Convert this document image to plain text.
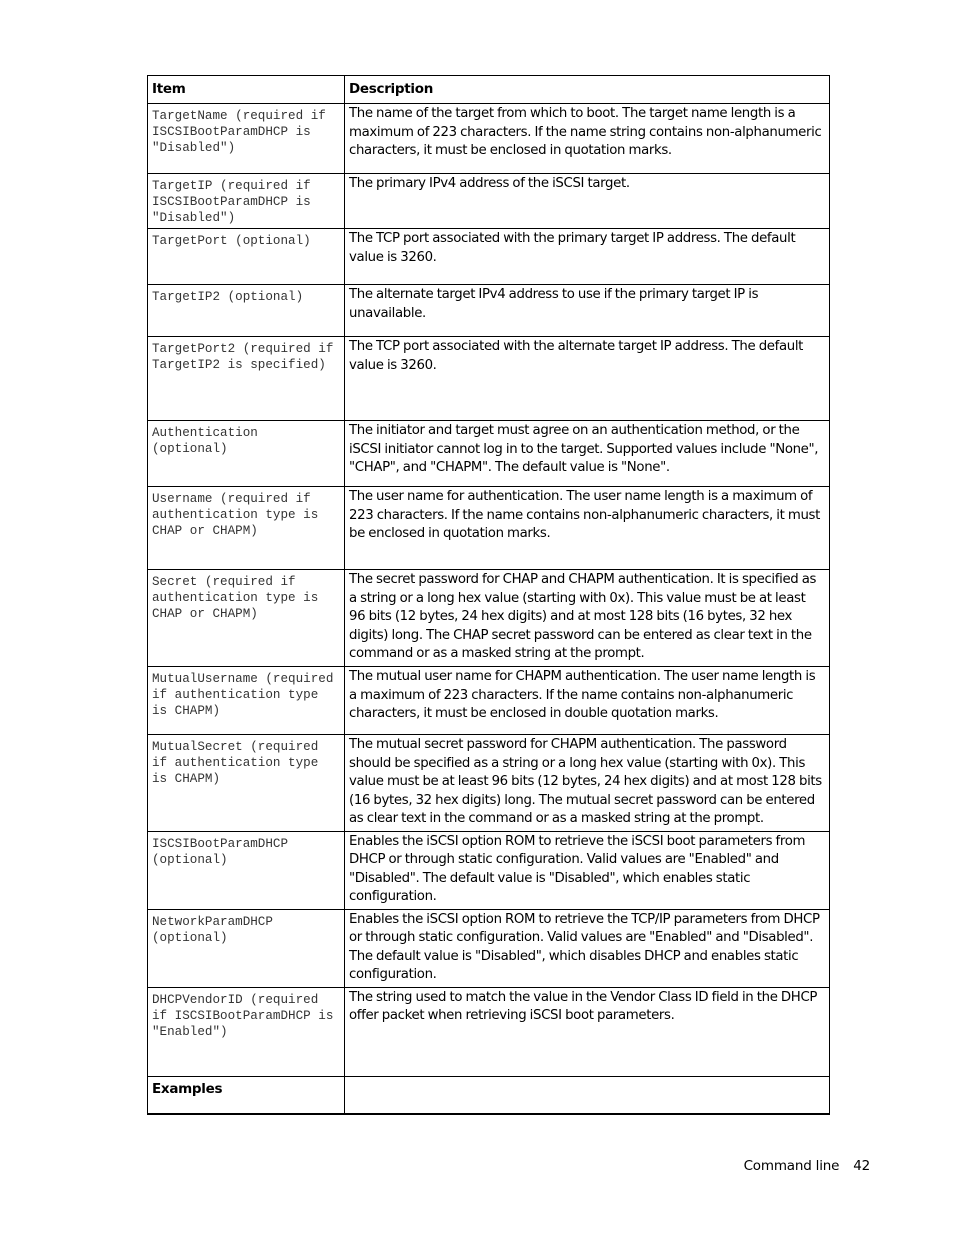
Item	Description
TargetName (required if ISCSIBootParamDHCP is "Disabled")	The name of the target from which to boot. The target name length is a maximum of 223 characters. If the name string contains non-alphanumeric characters, it must be enclosed in quotation marks.
TargetIP (required if ISCSIBootParamDHCP is "Disabled")	The primary IPv4 address of the iSCSI target.
TargetPort (optional)	The TCP port associated with the primary target IP address. The default value is 3260.
TargetIP2 (optional)	The alternate target IPv4 address to use if the primary target IP is unavailable.
TargetPort2 (required if TargetIP2 is specified)	The TCP port associated with the alternate target IP address. The default value is 3260.
Authentication (optional)	The initiator and target must agree on an authentication method, or the iSCSI initiator cannot log in to the target. Supported values include "None", "CHAP", and "CHAPM". The default value is "None".
Username (required if authentication type is CHAP or CHAPM)	The user name for authentication. The user name length is a maximum of 223 characters. If the name contains non-alphanumeric characters, it must be enclosed in quotation marks.
Secret (required if authentication type is CHAP or CHAPM)	The secret password for CHAP and CHAPM authentication. It is specified as a string or a long hex value (starting with 0x). This value must be at least 96 bits (12 bytes, 24 hex digits) and at most 128 bits (16 bytes, 32 hex digits) long. The CHAP secret password can be entered as clear text in the command or as a masked string at the prompt.
MutualUsername (required if authentication type is CHAPM)	The mutual user name for CHAPM authentication. The user name length is a maximum of 223 characters. If the name contains non-alphanumeric characters, it must be enclosed in double quotation marks.
MutualSecret (required if authentication type is CHAPM)	The mutual secret password for CHAPM authentication. The password should be specified as a string or a long hex value (starting with 0x). This value must be at least 96 bits (12 bytes, 24 hex digits) and at most 128 bits (16 bytes, 32 hex digits) long. The mutual secret password can be entered as clear text in the command or as a masked string at the prompt.
ISCSIBootParamDHCP (optional)	Enables the iSCSI option ROM to retrieve the iSCSI boot parameters from DHCP or through static configuration. Valid values are "Enabled" and "Disabled". The default value is "Disabled", which enables static configuration.
NetworkParamDHCP (optional)	Enables the iSCSI option ROM to retrieve the TCP/IP parameters from DHCP or through static configuration. Valid values are "Enabled" and "Disabled". The default value is "Disabled", which disables DHCP and enables static configuration.
DHCPVendorID (required if ISCSIBootParamDHCP is "Enabled")	The string used to match the value in the Vendor Class ID field in the DHCP offer packet when retrieving iSCSI boot parameters.
Examples	
Command line 42
